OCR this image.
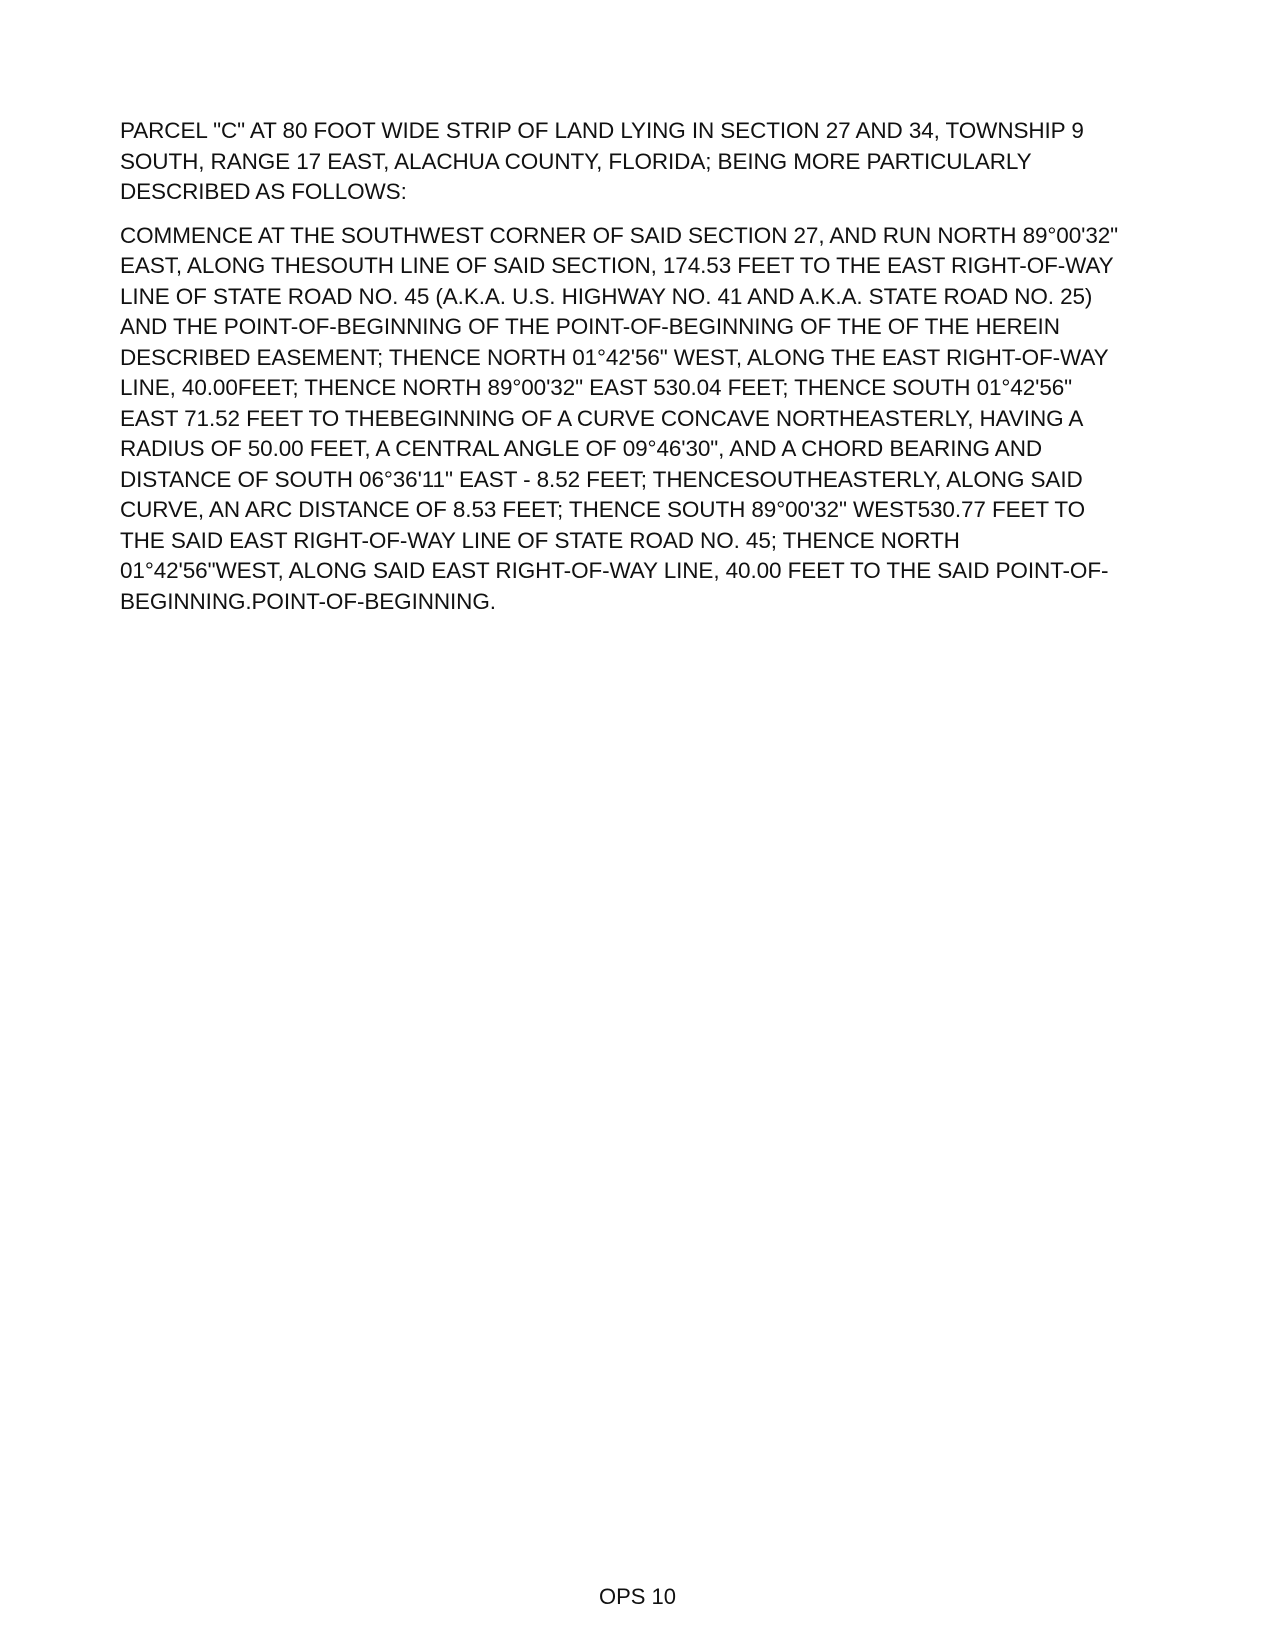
PARCEL "C" AT 80 FOOT WIDE STRIP OF LAND LYING IN SECTION 27 AND 34, TOWNSHIP 9
SOUTH, RANGE 17 EAST, ALACHUA COUNTY, FLORIDA; BEING MORE PARTICULARLY
DESCRIBED AS FOLLOWS:

COMMENCE AT THE SOUTHWEST CORNER OF SAID SECTION 27, AND RUN NORTH 89°00'32"
EAST, ALONG THESOUTH LINE OF SAID SECTION, 174.53 FEET TO THE EAST RIGHT-OF-WAY
LINE OF STATE ROAD NO. 45 (A.K.A. U.S. HIGHWAY NO. 41 AND A.K.A. STATE ROAD NO. 25)
AND THE POINT-OF-BEGINNING OF THE POINT-OF-BEGINNING OF THE OF THE HEREIN
DESCRIBED EASEMENT; THENCE NORTH 01°42'56" WEST, ALONG THE EAST RIGHT-OF-WAY
LINE, 40.00FEET; THENCE NORTH 89°00'32" EAST 530.04 FEET; THENCE SOUTH 01°42'56"
EAST 71.52 FEET TO THEBEGINNING OF A CURVE CONCAVE NORTHEASTERLY, HAVING A
RADIUS OF 50.00 FEET, A CENTRAL ANGLE OF 09°46'30", AND A CHORD BEARING AND
DISTANCE OF SOUTH 06°36'11" EAST - 8.52 FEET; THENCESOUTHEASTERLY, ALONG SAID
CURVE, AN ARC DISTANCE OF 8.53 FEET; THENCE SOUTH 89°00'32" WEST530.77 FEET TO
THE SAID EAST RIGHT-OF-WAY LINE OF STATE ROAD NO. 45; THENCE NORTH
01°42'56"WEST, ALONG SAID EAST RIGHT-OF-WAY LINE, 40.00 FEET TO THE SAID POINT-OF-
BEGINNING.POINT-OF-BEGINNING.

OPS 10
